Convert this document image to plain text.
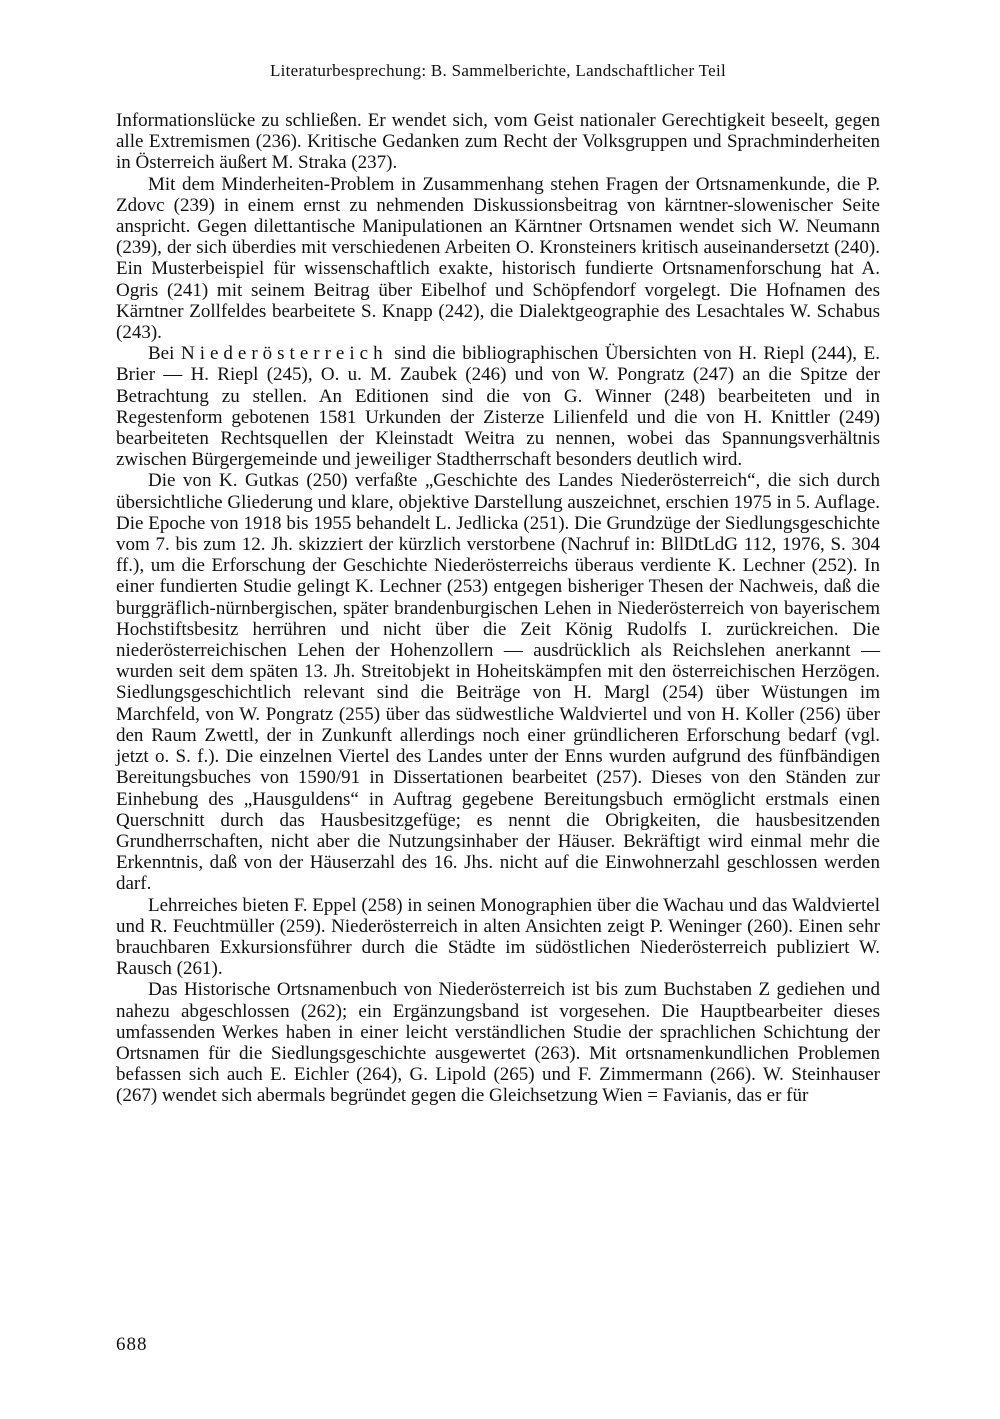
Literaturbesprechung: B. Sammelberichte, Landschaftlicher Teil

Informationslücke zu schließen. Er wendet sich, vom Geist nationaler Gerechtigkeit beseelt, gegen alle Extremismen (236). Kritische Gedanken zum Recht der Volksgruppen und Sprachminderheiten in Österreich äußert M. Straka (237).

Mit dem Minderheiten-Problem in Zusammenhang stehen Fragen der Ortsnamenkunde, die P. Zdovc (239) in einem ernst zu nehmenden Diskussionsbeitrag von kärntner-slowenischer Seite anspricht. Gegen dilettantische Manipulationen an Kärntner Ortsnamen wendet sich W. Neumann (239), der sich überdies mit verschiedenen Arbeiten O. Kronsteiners kritisch auseinandersetzt (240). Ein Musterbeispiel für wissenschaftlich exakte, historisch fundierte Ortsnamenforschung hat A. Ogris (241) mit seinem Beitrag über Eibelhof und Schöpfendorf vorgelegt. Die Hofnamen des Kärntner Zollfeldes bearbeitete S. Knapp (242), die Dialektgeographie des Lesachtales W. Schabus (243).

Bei Niederösterreich sind die bibliographischen Übersichten von H. Riepl (244), E. Brier — H. Riepl (245), O. u. M. Zaubek (246) und von W. Pongratz (247) an die Spitze der Betrachtung zu stellen. An Editionen sind die von G. Winner (248) bearbeiteten und in Regestenform gebotenen 1581 Urkunden der Zisterze Lilienfeld und die von H. Knittler (249) bearbeiteten Rechtsquellen der Kleinstadt Weitra zu nennen, wobei das Spannungsverhältnis zwischen Bürgergemeinde und jeweiliger Stadtherrschaft besonders deutlich wird.

Die von K. Gutkas (250) verfaßte „Geschichte des Landes Niederösterreich“, die sich durch übersichtliche Gliederung und klare, objektive Darstellung auszeichnet, erschien 1975 in 5. Auflage. Die Epoche von 1918 bis 1955 behandelt L. Jedlicka (251). Die Grundzüge der Siedlungsgeschichte vom 7. bis zum 12. Jh. skizziert der kürzlich verstorbene (Nachruf in: BllDtLdG 112, 1976, S. 304 ff.), um die Erforschung der Geschichte Niederösterreichs überaus verdiente K. Lechner (252). In einer fundierten Studie gelingt K. Lechner (253) entgegen bisheriger Thesen der Nachweis, daß die burggräflich-nürnbergischen, später brandenburgischen Lehen in Niederösterreich von bayerischem Hochstiftsbesitz herrühren und nicht über die Zeit König Rudolfs I. zurückreichen. Die niederösterreichischen Lehen der Hohenzollern — ausdrücklich als Reichslehen anerkannt — wurden seit dem späten 13. Jh. Streitobjekt in Hoheitskämpfen mit den österreichischen Herzögen. Siedlungsgeschichtlich relevant sind die Beiträge von H. Margl (254) über Wüstungen im Marchfeld, von W. Pongratz (255) über das südwestliche Waldviertel und von H. Koller (256) über den Raum Zwettl, der in Zunkunft allerdings noch einer gründlicheren Erforschung bedarf (vgl. jetzt o. S. f.). Die einzelnen Viertel des Landes unter der Enns wurden aufgrund des fünfbändigen Bereitungsbuches von 1590/91 in Dissertationen bearbeitet (257). Dieses von den Ständen zur Einhebung des „Hausguldens“ in Auftrag gegebene Bereitungsbuch ermöglicht erstmals einen Querschnitt durch das Hausbesitzgefüge; es nennt die Obrigkeiten, die hausbesitzenden Grundherrschaften, nicht aber die Nutzungsinhaber der Häuser. Bekräftigt wird einmal mehr die Erkenntnis, daß von der Häuserzahl des 16. Jhs. nicht auf die Einwohnerzahl geschlossen werden darf.

Lehrreiches bieten F. Eppel (258) in seinen Monographien über die Wachau und das Waldviertel und R. Feuchtmüller (259). Niederösterreich in alten Ansichten zeigt P. Weninger (260). Einen sehr brauchbaren Exkursionsführer durch die Städte im südöstlichen Niederösterreich publiziert W. Rausch (261).

Das Historische Ortsnamenbuch von Niederösterreich ist bis zum Buchstaben Z gediehen und nahezu abgeschlossen (262); ein Ergänzungsband ist vorgesehen. Die Hauptbearbeiter dieses umfassenden Werkes haben in einer leicht verständlichen Studie der sprachlichen Schichtung der Ortsnamen für die Siedlungsgeschichte ausgewertet (263). Mit ortsnamenkundlichen Problemen befassen sich auch E. Eichler (264), G. Lipold (265) und F. Zimmermann (266). W. Steinhauser (267) wendet sich abermals begründet gegen die Gleichsetzung Wien = Favianis, das er für

688
